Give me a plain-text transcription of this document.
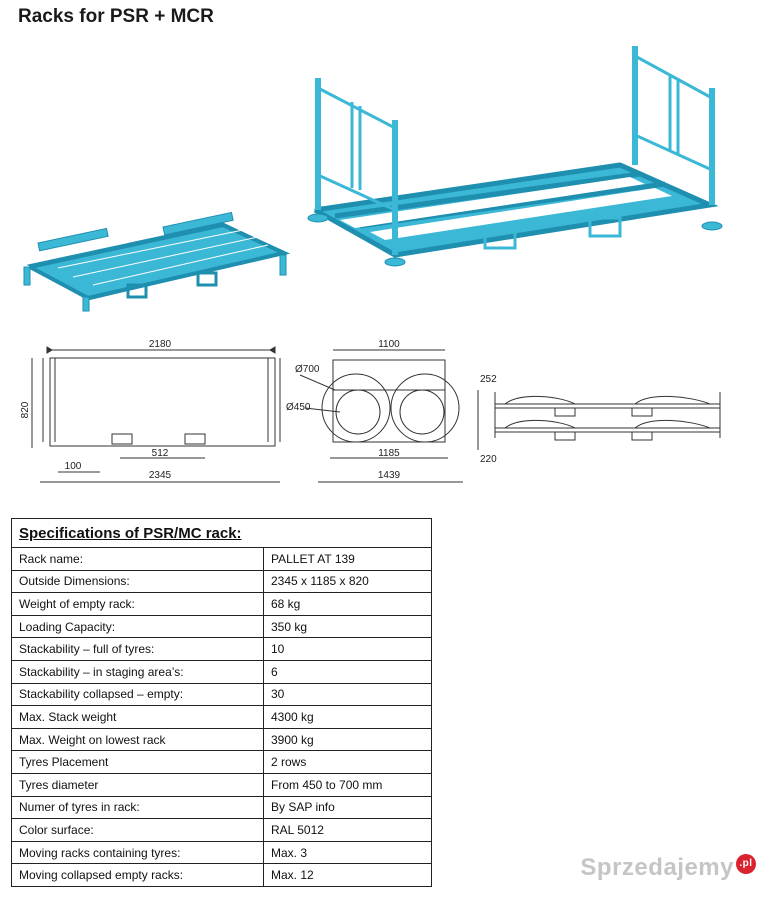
Racks for PSR + MCR
2180
820
512
100
2345
1100
Ø700
Ø450
1185
1439
252
220
Specifications of PSR/MC rack:	
Rack name:	PALLET AT 139
Outside Dimensions:	2345 x 1185 x 820
Weight of empty rack:	68 kg
Loading Capacity:	350 kg
Stackability – full of tyres:	10
Stackability – in staging area’s:	6
Stackability collapsed – empty:	30
Max. Stack weight	4300 kg
Max. Weight on lowest rack	3900 kg
Tyres Placement	2 rows
Tyres diameter	From 450 to 700 mm
Numer of tyres in rack:	By SAP info
Color surface:	RAL 5012
Moving racks containing tyres:	Max. 3
Moving collapsed empty racks:	Max. 12	Sprzedajemy .pl
